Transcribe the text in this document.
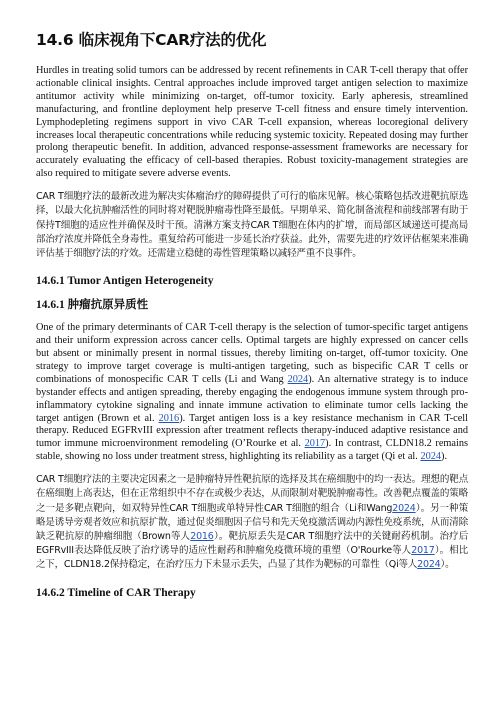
14.6 临床视角下CAR疗法的优化

Hurdles in treating solid tumors can be addressed by recent refinements in CAR T-cell therapy that offer actionable clinical insights. Central approaches include improved target antigen selection to maximize antitumor activity while minimizing on-target, off-tumor toxicity. Early apheresis, streamlined manufacturing, and frontline deployment help preserve T-cell fitness and ensure timely intervention. Lymphodepleting regimens support in vivo CAR T-cell expansion, whereas locoregional delivery increases local therapeutic concentrations while reducing systemic toxicity. Repeated dosing may further prolong therapeutic benefit. In addition, advanced response-assessment frameworks are necessary for accurately evaluating the efficacy of cell-based therapies. Robust toxicity-management strategies are also required to mitigate severe adverse events.

CAR T细胞疗法的最新改进为解决实体瘤治疗的障碍提供了可行的临床见解。核心策略包括改进靶抗原选择，以最大化抗肿瘤活性的同时将对靶脱肿瘤毒性降至最低。早期单采、简化制备流程和前线部署有助于保持T细胞的适应性并确保及时干预。清淋方案支持CAR T细胞在体内的扩增，而局部区域递送可提高局部治疗浓度并降低全身毒性。重复给药可能进一步延长治疗获益。此外，需要先进的疗效评估框架来准确评估基于细胞疗法的疗效。还需建立稳健的毒性管理策略以减轻严重不良事件。

14.6.1 Tumor Antigen Heterogeneity
14.6.1 肿瘤抗原异质性

One of the primary determinants of CAR T-cell therapy is the selection of tumor-specific target antigens and their uniform expression across cancer cells. Optimal targets are highly expressed on cancer cells but absent or minimally present in normal tissues, thereby limiting on-target, off-tumor toxicity. One strategy to improve target coverage is multi-antigen targeting, such as bispecific CAR T cells or combinations of monospecific CAR T cells (Li and Wang 2024). An alternative strategy is to induce bystander effects and antigen spreading, thereby engaging the endogenous immune system through pro-inflammatory cytokine signaling and innate immune activation to eliminate tumor cells lacking the target antigen (Brown et al. 2016). Target antigen loss is a key resistance mechanism in CAR T-cell therapy. Reduced EGFRvIII expression after treatment reflects therapy-induced adaptive resistance and tumor immune microenvironment remodeling (O’Rourke et al. 2017). In contrast, CLDN18.2 remains stable, showing no loss under treatment stress, highlighting its reliability as a target (Qi et al. 2024).

CAR T细胞疗法的主要决定因素之一是肿瘤特异性靶抗原的选择及其在癌细胞中的均一表达。理想的靶点在癌细胞上高表达，但在正常组织中不存在或极少表达，从而限制对靶脱肿瘤毒性。改善靶点覆盖的策略之一是多靶点靶向，如双特异性CAR T细胞或单特异性CAR T细胞的组合（Li和Wang2024）。另一种策略是诱导旁观者效应和抗原扩散，通过促炎细胞因子信号和先天免疫激活调动内源性免疫系统，从而清除缺乏靶抗原的肿瘤细胞（Brown等人2016）。靶抗原丢失是CAR T细胞疗法中的关键耐药机制。治疗后EGFRvIII表达降低反映了治疗诱导的适应性耐药和肿瘤免疫微环境的重塑（O'Rourke等人2017）。相比之下，CLDN18.2保持稳定，在治疗压力下未显示丢失，凸显了其作为靶标的可靠性（Qi等人2024）。

14.6.2 Timeline of CAR Therapy
